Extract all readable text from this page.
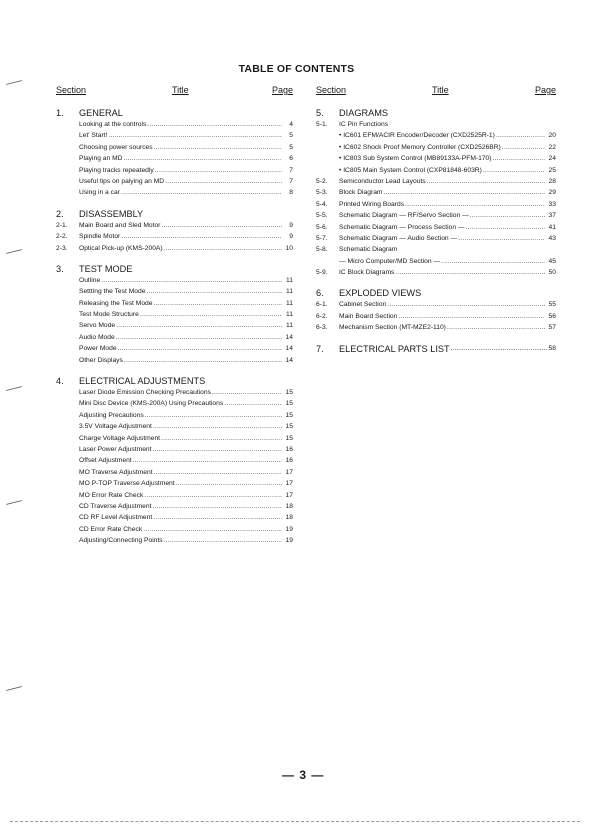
TABLE OF CONTENTS
Section	Title	Page
1. GENERAL
Looking at the controls .....	4
Let' Start! .....	5
Choosing power sources .....	5
Playing an MD .....	6
Playing tracks repeatedly .....	7
Useful tips on palying an MD .....	7
Using in a car .....	8
2. DISASSEMBLY
2-1.	Main Board and Sled Motor .....	9
2-2.	Spindle Motor .....	9
2-3.	Optical Pick-up (KMS-200A) .....	10
3. TEST MODE
Outline .....	11
Settting the Test Mode .....	11
Releasing the Test Mode .....	11
Test Mode Structure .....	11
Servo Mode .....	11
Audio Mode .....	14
Power Mode .....	14
Other Displays .....	14
4. ELECTRICAL ADJUSTMENTS
Laser Diode Emission Checking Precautions .....	15
Mini Disc Device (KMS-200A) Using Precautions .....	15
Adjusting Precautions .....	15
3.5V Voltage Adjustment .....	15
Charge Voltage Adjustment .....	15
Laser Power Adjustment .....	16
Offset Adjustment .....	16
MO Traverse Adjustment .....	17
MO P-TOP Traverse Adjustment .....	17
MO Error Rate Check .....	17
CD Traverse Adjustment .....	18
CD RF Level Adjustment .....	18
CD Error Rate Check .....	19
Adjusting/Connecting Points .....	19
Section	Title	Page
5.	DIAGRAMS
5-1.	IC Pin Functions
• IC601 EFM/ACIR Encoder/Decoder (CXD2525R-1) .....	20
• IC602 Shock Proof Memory Controller (CXD2526BR) .....	22
• IC803 Sub System Control (MB89133A-PFM-170) .....	24
• IC805 Main System Control (CXP81848-603R) .....	25
5-2.	Semiconductor Lead Layouts .....	28
5-3.	Block Diagram .....	29
5-4.	Printed Wiring Boards .....	33
5-5.	Schematic Diagram — RF/Servo Section — .....	37
5-6.	Schematic Diagram — Process Section — .....	41
5-7.	Schematic Diagram — Audio Section — .....	43
5-8.	Schematic Diagram
— Micro Computer/MD Section — .....	45
5-9.	IC Block Diagrams .....	50
6.	EXPLODED VIEWS
6-1.	Cabinet Section .....	55
6-2.	Main Board Section .....	56
6-3.	Mechanism Section (MT-MZE2-110) .....	57
7.	ELECTRICAL PARTS LIST .....	58
— 3 —
